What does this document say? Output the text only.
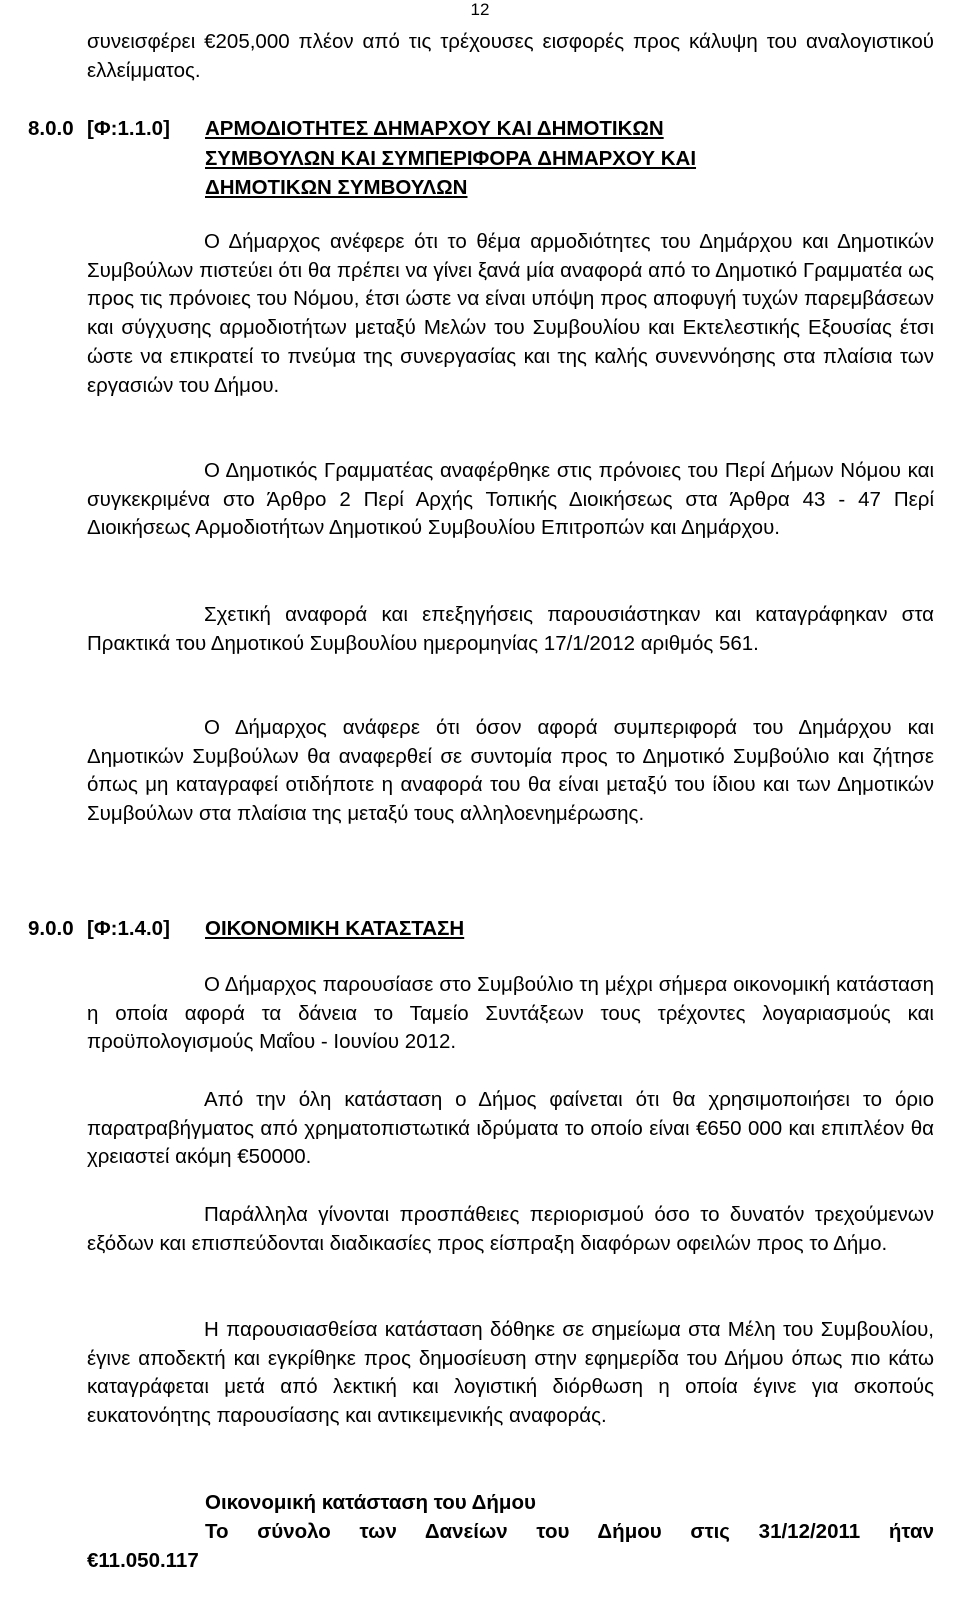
12

συνεισφέρει €205,000 πλέον από τις τρέχουσες εισφορές προς κάλυψη του αναλογιστικού ελλείμματος.

8.0.0 [Φ:1.1.0] ΑΡΜΟΔΙΟΤΗΤΕΣ ΔΗΜΑΡΧΟΥ ΚΑΙ ΔΗΜΟΤΙΚΩΝ
ΣΥΜΒΟΥΛΩΝ ΚΑΙ ΣΥΜΠΕΡΙΦΟΡΑ ΔΗΜΑΡΧΟΥ ΚΑΙ
ΔΗΜΟΤΙΚΩΝ ΣΥΜΒΟΥΛΩΝ

Ο Δήμαρχος ανέφερε ότι το θέμα αρμοδιότητες του Δημάρχου και Δημοτικών Συμβούλων πιστεύει ότι θα πρέπει να γίνει ξανά μία αναφορά από το Δημοτικό Γραμματέα ως προς τις πρόνοιες του Νόμου, έτσι ώστε να είναι υπόψη προς αποφυγή τυχών παρεμβάσεων και σύγχυσης αρμοδιοτήτων μεταξύ Μελών του Συμβουλίου και Εκτελεστικής Εξουσίας έτσι ώστε να επικρατεί το πνεύμα της συνεργασίας και της καλής συνεννόησης στα πλαίσια των εργασιών του Δήμου.

Ο Δημοτικός Γραμματέας αναφέρθηκε στις πρόνοιες του Περί Δήμων Νόμου και συγκεκριμένα στο Άρθρο 2 Περί Αρχής Τοπικής Διοικήσεως στα Άρθρα 43 - 47 Περί Διοικήσεως Αρμοδιοτήτων Δημοτικού Συμβουλίου Επιτροπών και Δημάρχου.

Σχετική αναφορά και επεξηγήσεις παρουσιάστηκαν και καταγράφηκαν στα Πρακτικά του Δημοτικού Συμβουλίου ημερομηνίας 17/1/2012 αριθμός 561.

Ο Δήμαρχος ανάφερε ότι όσον αφορά συμπεριφορά του Δημάρχου και Δημοτικών Συμβούλων θα αναφερθεί σε συντομία προς το Δημοτικό Συμβούλιο και ζήτησε όπως μη καταγραφεί οτιδήποτε η αναφορά του θα είναι μεταξύ του ίδιου και των Δημοτικών Συμβούλων στα πλαίσια της μεταξύ τους αλληλοενημέρωσης.

9.0.0 [Φ:1.4.0] ΟΙΚΟΝΟΜΙΚΗ ΚΑΤΑΣΤΑΣΗ

Ο Δήμαρχος παρουσίασε στο Συμβούλιο τη μέχρι σήμερα οικονομική κατάσταση η οποία αφορά τα δάνεια το Ταμείο Συντάξεων τους τρέχοντες λογαριασμούς και προϋπολογισμούς Μαΐου - Ιουνίου 2012.

Από την όλη κατάσταση ο Δήμος φαίνεται ότι θα χρησιμοποιήσει το όριο παρατραβήγματος από χρηματοπιστωτικά ιδρύματα το οποίο είναι €650 000 και επιπλέον θα χρειαστεί ακόμη €50000.

Παράλληλα γίνονται προσπάθειες περιορισμού όσο το δυνατόν τρεχούμενων εξόδων και επισπεύδονται διαδικασίες προς είσπραξη διαφόρων οφειλών προς το Δήμο.

Η παρουσιασθείσα κατάσταση δόθηκε σε σημείωμα στα Μέλη του Συμβουλίου, έγινε αποδεκτή και εγκρίθηκε προς δημοσίευση στην εφημερίδα του Δήμου όπως πιο κάτω καταγράφεται μετά από λεκτική και λογιστική διόρθωση η οποία έγινε για σκοπούς ευκατονόητης παρουσίασης και αντικειμενικής αναφοράς.

Οικονομική κατάσταση του Δήμου
Το σύνολο των Δανείων του Δήμου στις 31/12/2011 ήταν
€11.050.117
